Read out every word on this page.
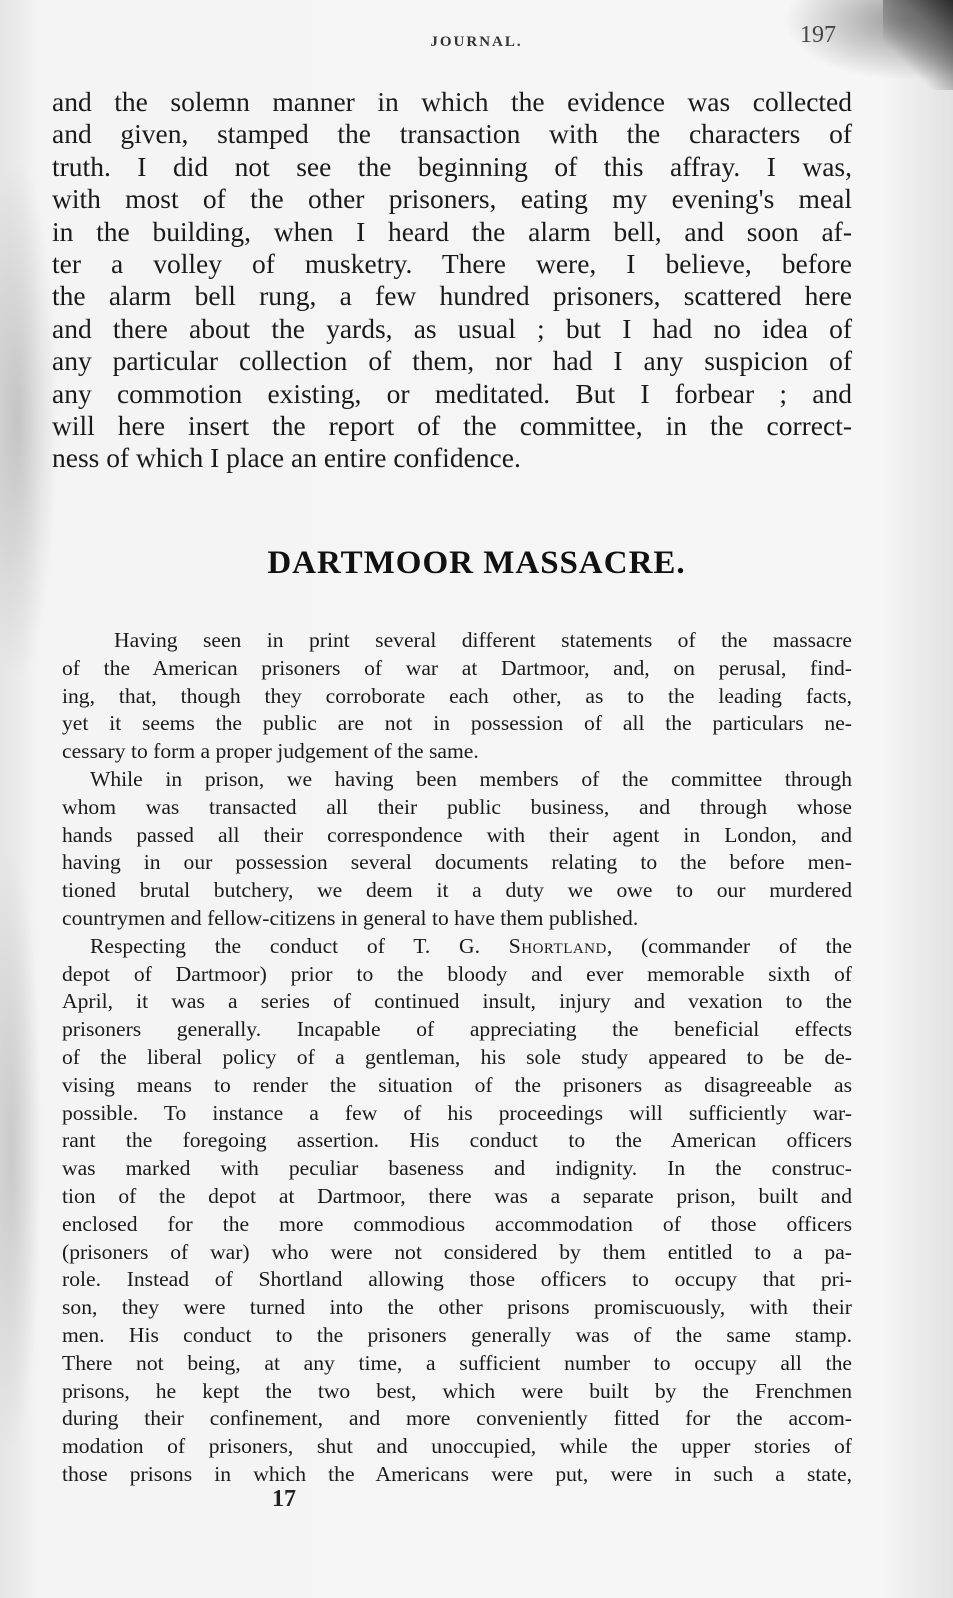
JOURNAL.	197
and the solemn manner in which the evidence was collected
and given, stamped the transaction with the characters of
truth. I did not see the beginning of this affray. I was,
with most of the other prisoners, eating my evening's meal
in the building, when I heard the alarm bell, and soon af-
ter a volley of musketry. There were, I believe, before
the alarm bell rung, a few hundred prisoners, scattered here
and there about the yards, as usual ; but I had no idea of
any particular collection of them, nor had I any suspicion of
any commotion existing, or meditated. But I forbear ; and
will here insert the report of the committee, in the correct-
ness of which I place an entire confidence.
DARTMOOR MASSACRE.
Having seen in print several different statements of the massacre
of the American prisoners of war at Dartmoor, and, on perusal, find-
ing, that, though they corroborate each other, as to the leading facts,
yet it seems the public are not in possession of all the particulars ne-
cessary to form a proper judgement of the same.
While in prison, we having been members of the committee through
whom was transacted all their public business, and through whose
hands passed all their correspondence with their agent in London, and
having in our possession several documents relating to the before men-
tioned brutal butchery, we deem it a duty we owe to our murdered
countrymen and fellow-citizens in general to have them published.
Respecting the conduct of T. G. Shortland, (commander of the
depot of Dartmoor) prior to the bloody and ever memorable sixth of
April, it was a series of continued insult, injury and vexation to the
prisoners generally. Incapable of appreciating the beneficial effects
of the liberal policy of a gentleman, his sole study appeared to be de-
vising means to render the situation of the prisoners as disagreeable as
possible. To instance a few of his proceedings will sufficiently war-
rant the foregoing assertion. His conduct to the American officers
was marked with peculiar baseness and indignity. In the construc-
tion of the depot at Dartmoor, there was a separate prison, built and
enclosed for the more commodious accommodation of those officers
(prisoners of war) who were not considered by them entitled to a pa-
role. Instead of Shortland allowing those officers to occupy that pri-
son, they were turned into the other prisons promiscuously, with their
men. His conduct to the prisoners generally was of the same stamp.
There not being, at any time, a sufficient number to occupy all the
prisons, he kept the two best, which were built by the Frenchmen
during their confinement, and more conveniently fitted for the accom-
modation of prisoners, shut and unoccupied, while the upper stories of
those prisons in which the Americans were put, were in such a state,
17
